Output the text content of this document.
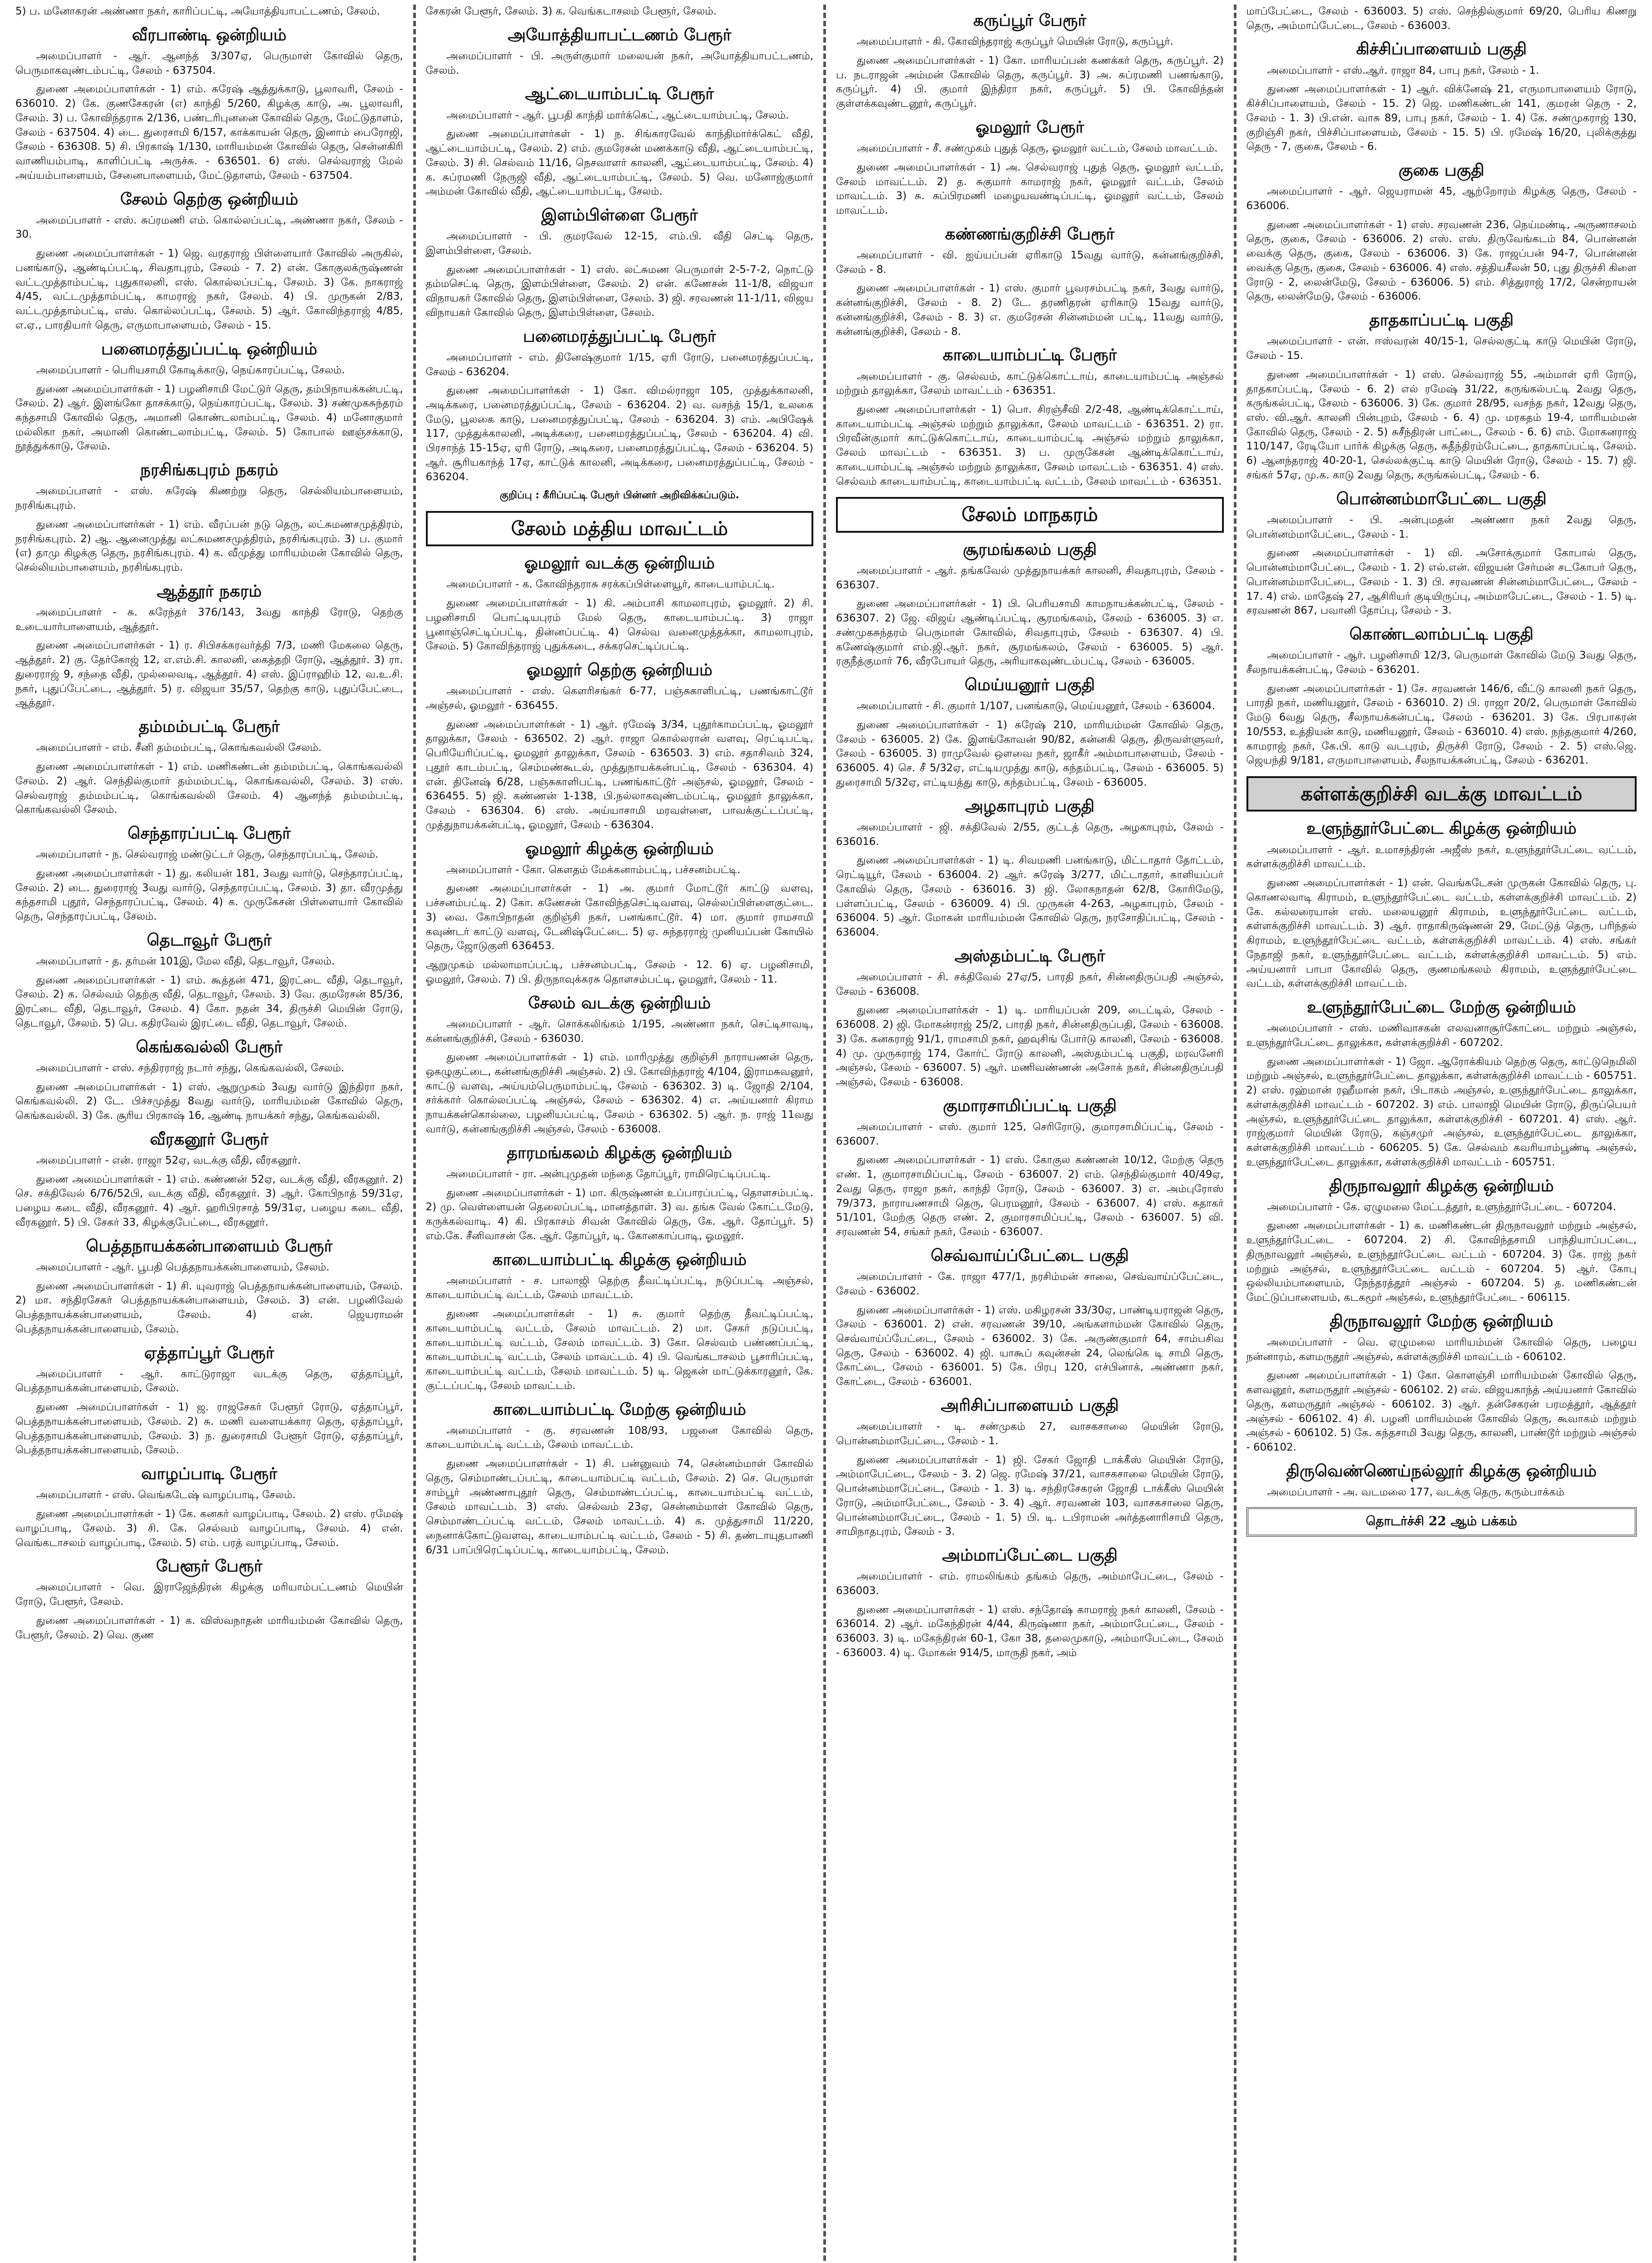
5) ப. மனோகரன் அண்ணா நகர், காரிப்பட்டி, அயோத்தியாபட்டணம், சேலம்.

வீரபாண்டி ஒன்றியம்

அமைப்பாளர் - ஆர். ஆனந்த் 3/307ஏ, பெருமாள் கோவில் தெரு, பெருமாகவுண்டம்பட்டி, சேலம் - 637504.

துணை அமைப்பாளர்கள் - 1) எம். சுரேஷ் ஆத்துக்காடு, பூலாவரி, சேலம் - 636010. 2) கே. குணசேகரன் (எ) காந்தி 5/260, கிழக்கு காடு, அ. பூலாவரி, சேலம். 3) ப. கோவிந்தராசு 2/136, பண்டரிபுனனை கோவில் தெரு, மேட்டுதாளம், சேலம் - 637504. 4) டை. துரைசாமி 6/157, காக்காயன் தெரு, இனாம் பைரோஜி, சேலம் - 636308. 5) சி. பிரகாஷ் 1/130, மாரியம்மன் கோவில் தெரு, சென்னகிரி வாணியம்பாடி, காளிப்பட்டி அருச்சு. - 636501. 6) எஸ். செல்வராஜ் மேல் அய்யம்பாளையம், சேனைபாளையம், மேட்டுதாளம், சேலம் - 637504.

சேலம் தெற்கு ஒன்றியம்

அமைப்பாளர் - எஸ். சுப்ரமணி எம். கொல்லப்பட்டி, அண்ணா நகர், சேலம் - 30.

துணை அமைப்பாளர்கள் - 1) ஜெ. வரதராஜ் பிள்ளையார் கோவில் அருகில், பனங்காடு, ஆண்டிப்பட்டி, சிவதாபுரம், சேலம் - 7. 2) என். கோகுலக்ருஷ்ணன் வட்டமுத்தாம்பட்டி, புதுகாலனி, எஸ். கொல்லப்பட்டி, சேலம். 3) கே. நாகராஜ் 4/45, வட்டமுத்தாம்பட்டி, காமராஜ் நகர், சேலம். 4) பி. முருகன் 2/83, வட்டமுத்தாம்பட்டி, எஸ். கொல்லப்பட்டி, சேலம். 5) ஆர். கோவிந்தராஜ் 4/85, எ.ஏ., பாரதியார் தெரு, எருமாபாளையம், சேலம் - 15.

பனைமரத்துப்பட்டி ஒன்றியம்

அமைப்பாளர் - பெரியசாமி கோடிக்காடு, நெய்காரப்பட்டி, சேலம்.

துணை அமைப்பாளர்கள் - 1) பழனிசாமி மேட்டுர் தெரு, தம்பிநாயக்கன்பட்டி, சேலம். 2) ஆர். இளங்கோ தாசக்காடு, நெய்காரப்பட்டி, சேலம். 3) சண்முகசுந்தரம் கந்தசாமி கோவில் தெரு, அமானி கொண்டலாம்பட்டி, சேலம். 4) மனோகுமார் மல்லிகா நகர், அமானி கொண்டலாம்பட்டி, சேலம். 5) கோபால் ஊஞ்சக்காடு, நூத்துக்காடு, சேலம்.

நரசிங்கபுரம் நகரம்

அமைப்பாளர் - எஸ். சுரேஷ் கிணற்று தெரு, செல்லியம்பாளையம், நரசிங்கபுரம்.

துணை அமைப்பாளர்கள் - 1) எம். வீரப்பன் நடு தெரு, லட்சுமணசமுத்திரம், நரசிங்கபுரம். 2) ஆ. ஆனைமுத்து லட்சுமணசமுத்திரம், நரசிங்கபுரம். 3) ப. குமார் (எ) தாமு கிழக்கு தெரு, நரசிங்கபுரம். 4) க. வீமுத்து மாரியம்மன் கோவில் தெரு, செல்லியம்பாளையம், நரசிங்கபுரம்.

ஆத்தூர் நகரம்

அமைப்பாளர் - சு. சுரேந்தர் 376/143, 3வது காந்தி ரோடு, தெற்கு உடையார்பாளையம், ஆத்தூர்.

துணை அமைப்பாளர்கள் - 1) ர. சிபிசக்கரவர்த்தி 7/3, மணி மேகலை தெரு, ஆத்தூர். 2) கு. தேர்கோஜ் 12, எ.எம்.சி. காலனி, கைத்தறி ரோடு, ஆத்தூர். 3) ரா. துரைராஜ் 9, சந்தை வீதி, முல்லைவடி, ஆத்தூர். 4) எஸ். இப்ராஹிம் 12, வ.உ.சி. நகர், புதுப்பேட்டை, ஆத்தூர். 5) ர. விஜயா 35/57, தெற்கு காடு, புதுப்பேட்டை, ஆத்தூர்.

தம்மம்பட்டி பேரூர்

அமைப்பாளர் - எம். சீனி தம்மம்பட்டி, கொங்கவல்லி சேலம்.

துணை அமைப்பாளர்கள் - 1) எம். மணிகண்டன் தம்மம்பட்டி, கொங்கவல்லி சேலம். 2) ஆர். செந்தில்குமார் தம்மம்பட்டி, கொங்கவல்லி, சேலம். 3) எஸ். செல்வராஜ் தம்மம்பட்டி, கொங்கவல்லி சேலம். 4) ஆனந்த் தம்மம்பட்டி, கொங்கவல்லி சேலம்.

செந்தாரப்பட்டி பேரூர்

அமைப்பாளர் - ந. செல்வராஜ் மண்டுட்டர் தெரு, செந்தாரப்பட்டி, சேலம்.

துணை அமைப்பாளர்கள் - 1) து. கலியன் 181, 3வது வார்டு, செந்தாரப்பட்டி, சேலம். 2) டை. துரைராஜ் 3வது வார்டு, செந்தாரப்பட்டி, சேலம். 3) தா. வீரமுத்து கந்தசாமி புதூர், செந்தாரப்பட்டி, சேலம். 4) க. முருகேசன் பிள்ளையார் கோவில் தெரு, செந்தாரப்பட்டி, சேலம்.

தெடாவூர் பேரூர்

அமைப்பாளர் - த. தர்மன் 101இ, மேல வீதி, தெடாவூர், சேலம்.

துணை அமைப்பாளர்கள் - 1) எம். கூத்தன் 471, இரட்டை வீதி, தெடாவூர், சேலம். 2) க. செல்வம் தெற்கு வீதி, தெடாவூர், சேலம். 3) வே. குமரேசன் 85/36, இரட்டை வீதி, தெடாவூர், சேலம். 4) கோ. நதன் 34, திருச்சி மெயின் ரோடு, தெடாவூர், சேலம். 5) பெ. கதிரவேல் இரட்டை வீதி, தெடாவூர், சேலம்.

கெங்கவல்லி பேரூர்

அமைப்பாளர் - எஸ். சந்திரராஜ் நடார் சந்து, கெங்கவல்லி, சேலம்.

துணை அமைப்பாளர்கள் - 1) எஸ். ஆறுமுகம் 3வது வார்டு இந்திரா நகர், கெங்கவல்லி. 2) டே. பிச்சமுத்து 8வது வார்டு, மாரியம்மன் கோவில் தெரு, கெங்கவல்லி. 3) கே. சூரிய பிரகாஷ் 16, ஆண்டி நாயக்கர் சந்து, கெங்கவல்லி.

வீரகனூர் பேரூர்

அமைப்பாளர் - என். ராஜா 52ஏ, வடக்கு வீதி, வீரகனூர்.

துணை அமைப்பாளர்கள் - 1) எம். கண்ணன் 52ஏ, வடக்கு வீதி, வீரகனூர். 2) செ. சக்திவேல் 6/76/52பி, வடக்கு வீதி, வீரகனூர். 3) ஆர். கோபிநாத் 59/31ஏ, பழைய கடை வீதி, வீரகனூர். 4) ஆர். ஹரிபிரசாத் 59/31ஏ, பழைய கடை வீதி, வீரகனூர். 5) பி. சேகர் 33, கிழக்குபேட்டை, வீரகனூர்.

பெத்தநாயக்கன்பாளையம் பேரூர்

அமைப்பாளர் - ஆர். பூபதி பெத்தநாயக்கன்பாளையம், சேலம்.

துணை அமைப்பாளர்கள் - 1) சி. யுவராஜ் பெத்தநாயக்கன்பாளையம், சேலம். 2) மா. சந்திரசேகர் பெத்தநாயக்கன்பாளையம், சேலம். 3) என். பழனிவேல் பெத்தநாயக்கன்பாளையம், சேலம். 4) என். ஜெயராமன் பெத்தநாயக்கன்பாளையம், சேலம்.

ஏத்தாப்பூர் பேரூர்

அமைப்பாளர் - ஆர். காட்டுராஜா வடக்கு தெரு, ஏத்தாப்பூர், பெத்தநாயக்கன்பாளையம், சேலம்.

துணை அமைப்பாளர்கள் - 1) ஜ. ராஜசேகர் பேளூர் ரோடு, ஏத்தாப்பூர், பெத்தநாயக்கன்பாளையம், சேலம். 2) சு. மணி வளையக்கார தெரு, ஏத்தாப்பூர், பெத்தநாயக்கன்பாளையம், சேலம். 3) ந. துரைசாமி பேளூர் ரோடு, ஏத்தாப்பூர், பெத்தநாயக்கன்பாளையம், சேலம்.

வாழப்பாடி பேரூர்

அமைப்பாளர் - எஸ். வெங்கடேஷ் வாழப்பாடி, சேலம்.

துணை அமைப்பாளர்கள் - 1) கே. கனகர் வாழப்பாடி, சேலம். 2) எஸ். ரமேஷ் வாழப்பாடி, சேலம். 3) சி. கே. செல்வம் வாழப்பாடி, சேலம். 4) என். வெங்கடாசலம் வாழப்பாடி, சேலம். 5) எம். பரத் வாழப்பாடி, சேலம்.

பேளூர் பேரூர்

அமைப்பாளர் - வெ. இராஜேந்திரன் கிழக்கு மரியாம்பட்டணம் மெயின் ரோடு, பேளூர், சேலம்.

துணை அமைப்பாளர்கள் - 1) க. விஸ்வநாதன் மாரியம்மன் கோவில் தெரு, பேளூர், சேலம். 2) வெ. குண

சேகரன் பேளூர், சேலம். 3) க. வெங்கடாசலம் பேளூர், சேலம்.

அயோத்தியாபட்டணம் பேரூர்

அமைப்பாளர் - பி. அருள்குமார் மலையன் நகர், அயோத்தியாபட்டணம், சேலம்.

ஆட்டையாம்பட்டி பேரூர்

அமைப்பாளர் - ஆர். பூபதி காந்தி மார்க்கெட், ஆட்டையாம்பட்டி, சேலம்.

துணை அமைப்பாளர்கள் - 1) ந. சிங்காரவேல் காந்திமார்க்கெட் வீதி, ஆட்டையாம்பட்டி, சேலம். 2) எம். குமரேசன் மணக்காடு வீதி, ஆட்டையாம்பட்டி, சேலம். 3) சி. செல்வம் 11/16, நெசவாளர் காலனி, ஆட்டையாம்பட்டி, சேலம். 4) க. சுப்ரமணி நேருஜி வீதி, ஆட்டையாம்பட்டி, சேலம். 5) வெ. மனோஜ்குமார் அம்மன் கோவில் வீதி, ஆட்டையாம்பட்டி, சேலம்.

இளம்பிள்ளை பேரூர்

அமைப்பாளர் - பி. குமரவேல் 12-15, எம்.பி. வீதி செட்டி தெரு, இளம்பிள்ளை, சேலம்.

துணை அமைப்பாளர்கள் - 1) எஸ். லட்சுமண பெருமாள் 2-5-7-2, நொட்டு தம்மசெட்டி தெரு, இளம்பிள்ளை, சேலம். 2) என். கணேசன் 11-1/8, விஜயா விநாயகர் கோவில் தெரு, இளம்பிள்ளை, சேலம். 3) ஜி. சரவணன் 11-1/11, விஜய விநாயகர் கோவில் தெரு, இளம்பிள்ளை, சேலம்.

பனைமரத்துப்பட்டி பேரூர்

அமைப்பாளர் - எம். தினேஷ்குமார் 1/15, ஏரி ரோடு, பனைமரத்துப்பட்டி, சேலம் - 636204.

துணை அமைப்பாளர்கள் - 1) கோ. விமல்ராஜா 105, முத்துக்காலனி, அடிக்கரை, பனைமரத்துப்பட்டி, சேலம் - 636204. 2) வ. வசந்த் 15/1, உலகை மேடு, பூலகை காடு, பனைமரத்துப்பட்டி, சேலம் - 636204. 3) எம். அபிஷேக் 117, முத்துக்காலனி, அடிக்கரை, பனைமரத்துப்பட்டி, சேலம் - 636204. 4) வி. பிரசாந்த் 15-15ஏ, ஏரி ரோடு, அடிகரை, பனைமரத்துப்பட்டி, சேலம் - 636204. 5) ஆர். சூரியகாந்த் 17ஏ, காட்டுக் காலனி, அடிக்கரை, பனைமரத்துப்பட்டி, சேலம் - 636204.

குறிப்பு : கீரிப்பட்டி பேரூர் பின்னர் அறிவிக்கப்படும்.

சேலம் மத்திய மாவட்டம்
ஓமலூர் வடக்கு ஒன்றியம்

அமைப்பாளர் - க. கோவிந்தராசு சரக்கப்பிள்ளையூர், காடையாம்பட்டி.

துணை அமைப்பாளர்கள் - 1) கி. அம்பாசி காமலாபுரம், ஓமலூர். 2) சி. பழனிசாமி பொட்டியபுரம் மேல் தெரு, காடையாம்பட்டி. 3) ராஜா பூனாஞ்செட்டிப்பட்டி, தின்னப்பட்டி. 4) செல்வ வனைமுத்தக்கா, காமலாபுரம், சேலம். 5) கோவிந்தராஜ் புதுக்கடை, சக்கரசெட்டிப்பட்டி.

ஓமலூர் தெற்கு ஒன்றியம்

அமைப்பாளர் - எஸ். கௌரிசங்கர் 6-77, பஞ்சுகாளிபட்டி, பணங்காட்டூர் அஞ்சல், ஓமலூர் - 636455.

துணை அமைப்பாளர்கள் - 1) ஆர். ரமேஷ் 3/34, புதூர்காமப்பட்டி, ஓமலூர் தாலுக்கா, சேலம் - 636502. 2) ஆர். ராஜா கொல்லரான் வளவு, ரெட்டிபட்டி, பெரியேரிப்பட்டி, ஓமலூர் தாலுக்கா, சேலம் - 636503. 3) எம். சதாசிவம் 324, புதூர் காடம்பட்டி, செம்மண்கூடல், முத்துநாயக்கன்பட்டி, சேலம் - 636304. 4) என். தினேஷ் 6/28, பஞ்சுகாளிபட்டி, பணங்காட்டூர் அஞ்சல், ஓமலூர், சேலம் - 636455. 5) ஜி. கண்ணன் 1-138, பி.நல்லாகவுண்டம்பட்டி, ஓமலூர் தாலுக்கா, சேலம் - 636304. 6) எஸ். அய்யாசாமி மரவள்ளை, பாவக்குட்டப்பட்டி, முத்துநாயக்கன்பட்டி, ஓமலூர், சேலம் - 636304.

ஓமலூர் கிழக்கு ஒன்றியம்

அமைப்பாளர் - கோ. கௌதம் மேக்கனாம்பட்டி, பச்சனம்பட்டி.

துணை அமைப்பாளர்கள் - 1) அ. குமார் மோட்டூர் காட்டு வளவு, பச்சனம்பட்டி. 2) கோ. கணேசன் கோவிந்தசெட்டிவளவு, செல்லப்பிள்ளைகுட்டை. 3) வை. கோபிநாதன் குறிஞ்சி நகர், பனங்காட்டூர். 4) மா. குமார் ராமசாமி கவுண்டர் காட்டு வளவு, டேனிஷ்பேட்டை. 5) ஏ. சுந்தரராஜ் முனியப்பன் கோயில் தெரு, ஜோடுகுளி 636453.

ஆறுமுகம் மல்லாமாப்பட்டி, பச்சனம்பட்டி, சேலம் - 12. 6) ஏ. பழனிசாமி, ஓமலூர், சேலம். 7) பி. திருநாவுக்கரசு தொளசம்பட்டி, ஓமலூர், சேலம் - 11.

சேலம் வடக்கு ஒன்றியம்

அமைப்பாளர் - ஆர். சொக்கலிங்கம் 1/195, அண்ணா நகர், செட்டிசாவடி, கன்னங்குறிச்சி, சேலம் - 636030.

துணை அமைப்பாளர்கள் - 1) எம். மாரிமுத்து குறிஞ்சி நாராயணன் தெரு, ஒகழுகுட்டை, கன்னங்குறிச்சி அஞ்சல். 2) பி. கோவிந்தராஜ் 4/104, இராமசுவனூர், காட்டு வளவு, அய்யம்பெருமாம்பட்டி, சேலம் - 636302. 3) டி. ஜோதி 2/104, சர்க்கார் கொல்லப்பட்டி அஞ்சல், சேலம் - 636302. 4) எ. அய்யனார் கிராம நாயக்கன்கொல்லை, பழனியப்பட்டி, சேலம் - 636302. 5) ஆர். ந. ராஜ் 11வது வார்டு, கன்னங்குறிச்சி அஞ்சல், சேலம் - 636008.

தாரமங்கலம் கிழக்கு ஒன்றியம்

அமைப்பாளர் - ரா. அன்புமுதன் மந்தை தோப்பூர், ராமிரெட்டிப்பட்டி.

துணை அமைப்பாளர்கள் - 1) மா. கிருஷ்ணன் உப்பாரப்பட்டி, தொளசம்பட்டி. 2) மு. வெள்ளையன் தெலைப்பட்டி, மானத்தாள். 3) வ. தங்க வேல் கோட்டமேடு, கருக்கல்வாடி. 4) கி. பிரகாசம் சிவன் கோவில் தெரு, கே. ஆர். தோப்பூர். 5) எம்.கே. சீனிவாசன் கே. ஆர். தோப்பூர், டி. கோனகாப்பாடி, ஓமலூர்.

காடையாம்பட்டி கிழக்கு ஒன்றியம்

அமைப்பாளர் - ச. பாலாஜி தெற்கு தீவட்டிப்பட்டி, நடுப்பட்டி அஞ்சல், காடையாம்பட்டி வட்டம், சேலம் மாவட்டம்.

துணை அமைப்பாளர்கள் - 1) சு. குமார் தெற்கு தீவட்டிப்பட்டி, காடையாம்பட்டி வட்டம், சேலம் மாவட்டம். 2) மா. சேகர் நடுப்பட்டி, காடையாம்பட்டி வட்டம், சேலம் மாவட்டம். 3) கோ. செல்வம் பண்ணப்பட்டி, காடையாம்பட்டி வட்டம், சேலம் மாவட்டம். 4) பி. வெங்கடாசலம் பூசாரிப்பட்டி, காடையாம்பட்டி வட்டம், சேலம் மாவட்டம். 5) டி. ஜெகன் மாட்டுக்காரனூர், கே. குட்டப்பட்டி, சேலம் மாவட்டம்.

காடையாம்பட்டி மேற்கு ஒன்றியம்

அமைப்பாளர் - கு. சரவணன் 108/93, பஜனை கோவில் தெரு, காடையாம்பட்டி வட்டம், சேலம் மாவட்டம்.

துணை அமைப்பாளர்கள் - 1) சி. பன்னுவம் 74, சென்னம்மாள் கோவில் தெரு, செம்மாண்டப்பட்டி, காடையாம்பட்டி வட்டம், சேலம். 2) செ. பெருமாள் சாம்பூர் அண்ணாபுதூர் தெரு, செம்மாண்டப்பட்டி, காடையாம்பட்டி வட்டம், சேலம் மாவட்டம். 3) எஸ். செல்வம் 23ஏ, சென்னம்மாள் கோவில் தெரு, செம்மாண்டப்பட்டி வட்டம், சேலம் மாவட்டம். 4) க. முத்துசாமி 11/220, நைனாக்கோட்டுவளவு, காடையாம்பட்டி வட்டம், சேலம் - 5) சி. தண்டாயுதபாணி 6/31 பாப்பிரெட்டிப்பட்டி, காடையாம்பட்டி, சேலம்.

கருப்பூர் பேரூர்

அமைப்பாளர் - கி. கோவிந்தராஜ் கருப்பூர் மெயின் ரோடு, கருப்பூர்.

துணை அமைப்பாளர்கள் - 1) கோ. மாரியப்பன் கணக்கர் தெரு, கருப்பூர். 2) ப. நடராஜன் அம்மன் கோவில் தெரு, கருப்பூர். 3) அ. சுப்ரமணி பணங்காடு, கருப்பூர். 4) பி. குமார் இந்திரா நகர், கருப்பூர். 5) பி. கோவிந்தன் குள்ளக்கவுண்டனூர், கருப்பூர்.

ஓமலூர் பேரூர்

அமைப்பாளர் - சீ. சண்முகம் புதுத் தெரு, ஓமலூர் வட்டம், சேலம் மாவட்டம்.

துணை அமைப்பாளர்கள் - 1) அ. செல்வராஜ் புதுத் தெரு, ஓமலூர் வட்டம், சேலம் மாவட்டம். 2) த. சுகுமார் காமராஜ் நகர், ஓமலூர் வட்டம், சேலம் மாவட்டம். 3) சு. சுப்பிரமணி மழையவண்டிப்பட்டி, ஓமலூர் வட்டம், சேலம் மாவட்டம்.

கண்ணங்குறிச்சி பேரூர்

அமைப்பாளர் - வி. ஐய்யப்பன் ஏரிகாடு 15வது வார்டு, கன்னங்குறிச்சி, சேலம் - 8.

துணை அமைப்பாளர்கள் - 1) எஸ். குமார் பூவரசம்பட்டி நகர், 3வது வார்டு, கன்னங்குறிச்சி, சேலம் - 8. 2) டே. தரணிதரன் ஏரிகாடு 15வது வார்டு, கன்னங்குறிச்சி, சேலம் - 8. 3) எ. குமரேசன் சின்னம்மன் பட்டி, 11வது வார்டு, கன்னங்குறிச்சி, சேலம் - 8.

காடையாம்பட்டி பேரூர்

அமைப்பாளர் - கு. செல்வம், காட்டுக்கொட்டாய், காடையாம்பட்டி அஞ்சல் மற்றும் தாலுக்கா, சேலம் மாவட்டம் - 636351.

துணை அமைப்பாளர்கள் - 1) பொ. சிரஞ்சீவி 2/2-48, ஆண்டிக்கொட்டாய், காடையாம்பட்டி அஞ்சல் மற்றும் தாலுக்கா, சேலம் மாவட்டம் - 636351. 2) ரா. பிரவீன்குமார் காட்டுக்கொட்டாய், காடையாம்பட்டி அஞ்சல் மற்றும் தாலுக்கா, சேலம் மாவட்டம் - 636351. 3) ப. முருகேசன் ஆண்டிக்கொட்டாய், காடையாம்பட்டி அஞ்சல் மற்றும் தாலுக்கா, சேலம் மாவட்டம் - 636351. 4) எஸ். செல்வம் காடையாம்பட்டி, காடையாம்பட்டி வட்டம், சேலம் மாவட்டம் - 636351.

சேலம் மாநகரம்
சூரமங்கலம் பகுதி

அமைப்பாளர் - ஆர். தங்கவேல் முத்துநாயக்கர் காலனி, சிவதாபுரம், சேலம் - 636307.

துணை அமைப்பாளர்கள் - 1) பி. பெரியசாமி காமநாயக்கன்பட்டி, சேலம் - 636307. 2) ஜே. விஜய் ஆண்டிப்பட்டி, சூரமங்கலம், சேலம் - 636005. 3) எ. சண்முகசுந்தரம் பெருமாள் கோவில், சிவதாபுரம், சேலம் - 636307. 4) பி. கணேஷ்குமார் எம்.ஜி.ஆர். நகர், சூரமங்கலம், சேலம் - 636005. 5) ஆர். ரகுநீத்குமார் 76, வீரபோயர் தெரு, அரியாகவுண்டம்பட்டி, சேலம் - 636005.

மெய்யனூர் பகுதி

அமைப்பாளர் - சி. குமார் 1/107, பனங்காடு, மெய்யனூர், சேலம் - 636004.

துணை அமைப்பாளர்கள் - 1) சுரேஷ் 210, மாரியம்மன் கோவில் தெரு, சேலம் - 636005. 2) கே. இளங்கோவன் 90/82, கன்னகி தெரு, திருவள்ளுவர், சேலம் - 636005. 3) ராமுவேல் ஒளவை நகர், ஜாகீர் அம்மாபாளையம், சேலம் - 636005. 4) செ. சீ 5/32ஏ, எட்டியமுத்து காடு, கந்தம்பட்டி, சேலம் - 636005. 5) துரைசாமி 5/32ஏ, எட்டியத்து காடு, கந்தம்பட்டி, சேலம் - 636005.

அழகாபுரம் பகுதி

அமைப்பாளர் - ஜி. சக்திவேல் 2/55, குட்டத் தெரு, அழகாபுரம், சேலம் - 636016.

துணை அமைப்பாளர்கள் - 1) டி. சிவமணி பனங்காடு, மிட்டாதார் தோட்டம், ரெட்டியூர், சேலம் - 636004. 2) ஆர். சுரேஷ் 3/277, மிட்டாதார், காளியப்பர் கோவில் தெரு, சேலம் - 636016. 3) ஜி. லோகநாதன் 62/8, கோரிமேடு, பள்ளப்பட்டி, சேலம் - 636009. 4) பி. முருகன் 4-263, அழகாபுரம், சேலம் - 636004. 5) ஆர். மோகன் மாரியம்மன் கோவில் தெரு, நரசோதிப்பட்டி, சேலம் - 636004.

அஸ்தம்பட்டி பேரூர்

அமைப்பாளர் - சி. சக்திவேல் 27ஏ/5, பாரதி நகர், சின்னதிருப்பதி அஞ்சல், சேலம் - 636008.

துணை அமைப்பாளர்கள் - 1) டி. மாரியப்பன் 209, டைட்டில், சேலம் - 636008. 2) ஜி. மோகன்ராஜ் 25/2, பாரதி நகர், சின்னதிருப்பதி, சேலம் - 636008. 3) கே. கனகராஜ் 91/1, ராமசாமி நகர், ஹவுசிங் போர்டு காலனி, சேலம் - 636008. 4) மு. முருகராஜ் 174, கோர்ட் ரோடு காலனி, அஸ்தம்பட்டி பகுதி, மரவனேரி அஞ்சல், சேலம் - 636007. 5) ஆர். மணிவண்ணன் அசோக் நகர், சின்னதிருப்பதி அஞ்சல், சேலம் - 636008.

குமாரசாமிப்பட்டி பகுதி

அமைப்பாளர் - எஸ். குமார் 125, செரிரோடு, குமாரசாமிப்பட்டி, சேலம் - 636007.

துணை அமைப்பாளர்கள் - 1) எஸ். கோகுல கண்ணன் 10/12, மேற்கு தெரு எண். 1, குமாரசாமிப்பட்டி, சேலம் - 636007. 2) எம். செந்தில்குமார் 40/49ஏ, 2வது தெரு, ராஜா நகர், காந்தி ரோடு, சேலம் - 636007. 3) எ. அம்புரோஸ் 79/373, நாராயணசாமி தெரு, பெரமனூர், சேலம் - 636007. 4) எஸ். சுதாகர் 51/101, மேற்கு தெரு எண். 2, குமாரசாமிப்பட்டி, சேலம் - 636007. 5) வி. சரவணன் 54, சங்கர் நகர், சேலம் - 636007.

செவ்வாய்ப்பேட்டை பகுதி

அமைப்பாளர் - கே. ராஜா 477/1, நரசிம்மன் சாலை, செவ்வாய்ப்பேட்டை, சேலம் - 636002.

துணை அமைப்பாளர்கள் - 1) எஸ். மகிழரசன் 33/30ஏ, பாண்டியராஜன் தெரு, சேலம் - 636001. 2) என். சரவணன் 39/10, அங்களாம்மன் கோவில் தெரு, செவ்வாய்ப்பேட்டை, சேலம் - 636002. 3) கே. அருண்குமார் 64, சாம்பசிவ தெரு, சேலம் - 636002. 4) ஜி. யாகூப் கவுன்சன் 24, லெங்கெ டி சாமி தெரு, கோட்டை, சேலம் - 636001. 5) கே. பிரபு 120, எச்பினாக், அண்ணா நகர், கோட்டை, சேலம் - 636001.

அரிசிப்பாளையம் பகுதி

அமைப்பாளர் - டி. சண்முகம் 27, வாசகசாலை மெயின் ரோடு, பொன்னம்மாபேட்டை, சேலம் - 1.

துணை அமைப்பாளர்கள் - 1) ஜி. சேகர் ஜோதி டாக்கீஸ் மெயின் ரோடு, அம்மாபேட்டை, சேலம் - 3. 2) ஜெ. ரமேஷ் 37/21, வாசகசாலை மெயின் ரோடு, பொன்னம்மாபேட்டை, சேலம் - 1. 3) டி. சந்திரசேகரன் ஜோதி டாக்கீஸ் மெயின் ரோடு, அம்மாபேட்டை, சேலம் - 3. 4) ஆர். சரவணன் 103, வாசகசாலை தெரு, பொன்னம்மாபேட்டை, சேலம் - 1. 5) பி. டி. டபிராமன் அர்த்தனாரிசாமி தெரு, சாமிநாதபுரம், சேலம் - 3.

அம்மாப்பேட்டை பகுதி

அமைப்பாளர் - எம். ராமலிங்கம் தங்கம் தெரு, அம்மாபேட்டை, சேலம் - 636003.

துணை அமைப்பாளர்கள் - 1) எஸ். சந்தோஷ் காமராஜ் நகர் காலனி, சேலம் - 636014. 2) ஆர். மகேந்திரன் 4/44, கிருஷ்ணா நகர், அம்மாபேட்டை, சேலம் - 636003. 3) டி. மகேந்திரன் 60-1, கோ 38, தலைமுகாடு, அம்மாபேட்டை, சேலம் - 636003. 4) டி. மோகன் 914/5, மாருதி நகர், அம்

மாப்பேட்டை, சேலம் - 636003. 5) எஸ். செந்தில்குமார் 69/20, பெரிய கிணறு தெரு, அம்மாப்பேட்டை, சேலம் - 636003.

கிச்சிப்பாளையம் பகுதி

அமைப்பாளர் - எஸ்.ஆர். ராஜா 84, பாபு நகர், சேலம் - 1.

துணை அமைப்பாளர்கள் - 1) ஆர். விக்னேஷ் 21, எருமாபாளையம் ரோடு, கிச்சிப்பாளையம், சேலம் - 15. 2) ஜெ. மணிகண்டன் 141, குமரன் தெரு - 2, சேலம் - 1. 3) பி.என். வாசு 89, பாபு நகர், சேலம் - 1. 4) கே. சண்முகராஜ் 130, குறிஞ்சி நகர், பிச்சிப்பாளையம், சேலம் - 15. 5) பி. ரமேஷ் 16/20, புலிக்குத்து தெரு - 7, குகை, சேலம் - 6.

குகை பகுதி

அமைப்பாளர் - ஆர். ஜெயராமன் 45, ஆற்றோரம் கிழக்கு தெரு, சேலம் - 636006.

துணை அமைப்பாளர்கள் - 1) எஸ். சரவணன் 236, நெய்மண்டி, அருணாசலம் தெரு, குகை, சேலம் - 636006. 2) எஸ். எஸ். திருவேங்கடம் 84, பொன்னன் வைக்கு தெரு, குகை, சேலம் - 636006. 3) கே. ராஜப்பன் 94-7, பொன்னன் வைக்கு தெரு, குகை, சேலம் - 636006. 4) எஸ். சத்தியசீலன் 50, புது திருச்சி கிளை ரோடு - 2, லைன்மேடு, சேலம் - 636006. 5) எம். சித்துராஜ் 17/2, சென்றாயன் தெரு, லைன்மேடு, சேலம் - 636006.

தாதகாப்பட்டி பகுதி

அமைப்பாளர் - என். ஈஸ்வரன் 40/15-1, செல்லகுட்டி காடு மெயின் ரோடு, சேலம் - 15.

துணை அமைப்பாளர்கள் - 1) எஸ். செல்வராஜ் 55, அம்மாள் ஏரி ரோடு, தாதகாப்பட்டி, சேலம் - 6. 2) எல் ரமேஷ் 31/22, கருங்கல்பட்டி 2வது தெரு, கருங்கல்பட்டி, சேலம் - 636006. 3) கே. குமார் 28/95, வசந்த நகர், 12வது தெரு, எஸ். வி.ஆர். காலனி பின்புறம், சேலம் - 6. 4) மு. மரகதம் 19-4, மாரியம்மன் கோவில் தெரு, சேலம் - 2. 5) சுசீந்திரன் பாட்டை, சேலம் - 6. 6) எம். மோகனராஜ் 110/147, ரேடியோ பார்க் கிழக்கு தெரு, சுதீந்திரம்பேட்டை, தாதகாப்பட்டி, சேலம். 6) ஆனந்தராஜ் 40-20-1, செல்லக்குட்டி காடு மெயின் ரோடு, சேலம் - 15. 7) ஜி. சங்கர் 57ஏ, மு.க. காடு 2வது தெரு, கருங்கல்பட்டி, சேலம் - 6.

பொன்னம்மாபேட்டை பகுதி

அமைப்பாளர் - பி. அன்புமதன் அண்ணா நகர் 2வது தெரு, பொன்னம்மாபேட்டை, சேலம் - 1.

துணை அமைப்பாளர்கள் - 1) வி. அசோக்குமார் கோபால் தெரு, பொன்னம்மாபேட்டை, சேலம் - 1. 2) எல்.என். விஜயன் சேர்மன் சடகோபர் தெரு, பொன்னம்மாபேட்டை, சேலம் - 1. 3) பி. சரவணன் சின்னம்மாபேட்டை, சேலம் - 17. 4) எல். மாதேஷ் 27, ஆசிரியர் குடியிருப்பு, அம்மாபேட்டை, சேலம் - 1. 5) டி. சரவணன் 867, பவானி தோப்பு, சேலம் - 3.

கொண்டலாம்பட்டி பகுதி

அமைப்பாளர் - ஆர். பழனிசாமி 12/3, பெருமாள் கோவில் மேடு 3வது தெரு, சீலநாயக்கன்பட்டி, சேலம் - 636201.

துணை அமைப்பாளர்கள் - 1) சே. சரவணன் 146/6, வீட்டு காலனி நகர் தெரு, பாரதி நகர், மணியனூர், சேலம் - 636010. 2) பி. ராஜா 20/2, பெருமாள் கோவில் மேடு 6வது தெரு, சீலநாயக்கன்பட்டி, சேலம் - 636201. 3) கே. பிரபாகரன் 10/553, உத்தியன் காடு, மணியனூர், சேலம் - 636010. 4) எஸ். நந்தகுமார் 4/260, காமராஜ் நகர், கே.பி. காடு வடபுரம், திருச்சி ரோடு, சேலம் - 2. 5) எஸ்.ஜெ. ஜெயந்தி 9/181, எருமாபாளையம், சீலநாயக்கன்பட்டி, சேலம் - 636201.

கள்ளக்குறிச்சி வடக்கு மாவட்டம்
உளுந்தூர்பேட்டை கிழக்கு ஒன்றியம்

அமைப்பாளர் - ஆர். உமாசந்திரன் அஜீஸ் நகர், உளுந்தூர்பேட்டை வட்டம், கள்ளக்குறிச்சி மாவட்டம்.

துணை அமைப்பாளர்கள் - 1) என். வெங்கடேசன் முருகன் கோவில் தெரு, பு. கொணலவாடி கிராமம், உளுந்தூர்பேட்டை வட்டம், கள்ளக்குறிச்சி மாவட்டம். 2) கே. கல்லரையான் எஸ். மலையனூர் கிராமம், உளுந்தூர்பேட்டை வட்டம், கள்ளக்குறிச்சி மாவட்டம். 3) ஆர். ராதாகிருஷ்ணன் 29, மேட்டுத் தெரு, பரிந்தல் கிராமம், உளுந்தூர்பேட்டை வட்டம், கள்ளக்குறிச்சி மாவட்டம். 4) எஸ். சங்கர் நேதாஜி நகர், உளுந்தூர்பேட்டை வட்டம், கள்ளக்குறிச்சி மாவட்டம். 5) எம். அய்யனார் பாபா கோவில் தெரு, குணமங்கலம் கிராமம், உளுந்தூர்பேட்டை வட்டம், கள்ளக்குறிச்சி மாவட்டம்.

உளுந்தூர்பேட்டை மேற்கு ஒன்றியம்

அமைப்பாளர் - எஸ். மணிவாசகன் எலவனாசூர்கோட்டை மற்றும் அஞ்சல், உளுந்தூர்பேட்டை தாலுக்கா, கள்ளக்குறிச்சி - 607202.

துணை அமைப்பாளர்கள் - 1) ஜோ. ஆரோக்கியம் தெற்கு தெரு, காட்டுநெமிலி மற்றும் அஞ்சல், உளுந்தூர்பேட்டை தாலுக்கா, கள்ளக்குறிச்சி மாவட்டம் - 605751. 2) எஸ். ரஹ்மான் ரஹீமான் நகர், பிடாகம் அஞ்சல், உளுந்தூர்பேட்டை தாலுக்கா, கள்ளக்குறிச்சி மாவட்டம் - 607202. 3) எம். பாலாஜி மெயின் ரோடு, திருப்பெயர் அஞ்சல், உளுந்தூர்பேட்டை தாலுக்கா, கள்ளக்குறிச்சி - 607201. 4) எஸ். ஆர். ராஜ்குமார் மெயின் ரோடு, கஞ்சமுர் அஞ்சல், உளுந்தூர்பேட்டை தாலுக்கா, கள்ளக்குறிச்சி மாவட்டம் - 606205. 5) கே. செல்வம் கவரியாம்பூண்டி அஞ்சல், உளுந்தூர்பேட்டை தாலுக்கா, கள்ளக்குறிச்சி மாவட்டம் - 605751.

திருநாவலூர் கிழக்கு ஒன்றியம்

அமைப்பாளர் - கே. ஏழுமலை மேட்டத்தூர், உளுந்தூர்பேட்டை - 607204.

துணை அமைப்பாளர்கள் - 1) க. மணிகண்டன் திருநாவலூர் மற்றும் அஞ்சல், உளுந்தூர்பேட்டை - 607204. 2) சி. கோவிந்தசாமி பாந்தியாப்பட்டை, திருநாவலூர் அஞ்சல், உளுந்தூர்பேட்டை வட்டம் - 607204. 3) கே. ராஜ் நகர் மற்றும் அஞ்சல், உளுந்தூர்பேட்டை வட்டம் - 607204. 5) ஆர். கோபு ஒல்லியம்பாளையம், நேந்தரத்தூர் அஞ்சல் - 607204. 5) த. மணிகண்டன் மேட்டுப்பாளையம், கடகமூர் அஞ்சல், உளுந்தூர்பேட்டை - 606115.

திருநாவலூர் மேற்கு ஒன்றியம்

அமைப்பாளர் - வெ. ஏழுமலை மாரியம்மன் கோவில் தெரு, பழைய நன்னாரம், களமருதூர் அஞ்சல், கள்ளக்குறிச்சி மாவட்டம் - 606102.

துணை அமைப்பாளர்கள் - 1) கோ. கொளஞ்சி மாரியம்மன் கோவில் தெரு, களவனூர், களமருதூர் அஞ்சல் - 606102. 2) எல். விஜயகாந்த் அய்யனார் கோவில் தெரு, களமருதூர் அஞ்சல் - 606102. 3) ஆர். தன்சேகரன் பரமத்தூர், ஆத்தூர் அஞ்சல் - 606102. 4) சி. பழனி மாரியம்மன் கோவில் தெரு, கூவாகம் மற்றும் அஞ்சல் - 606102. 5) கே. கந்தசாமி 3வது தெரு, காலனி, பாண்டூர் மற்றும் அஞ்சல் - 606102.

திருவெண்ணெய்நல்லூர் கிழக்கு ஒன்றியம்

அமைப்பாளர் - அ. வடமலை 177, வடக்கு தெரு, கரும்பாக்கம்

தொடர்ச்சி 22 ஆம் பக்கம்
